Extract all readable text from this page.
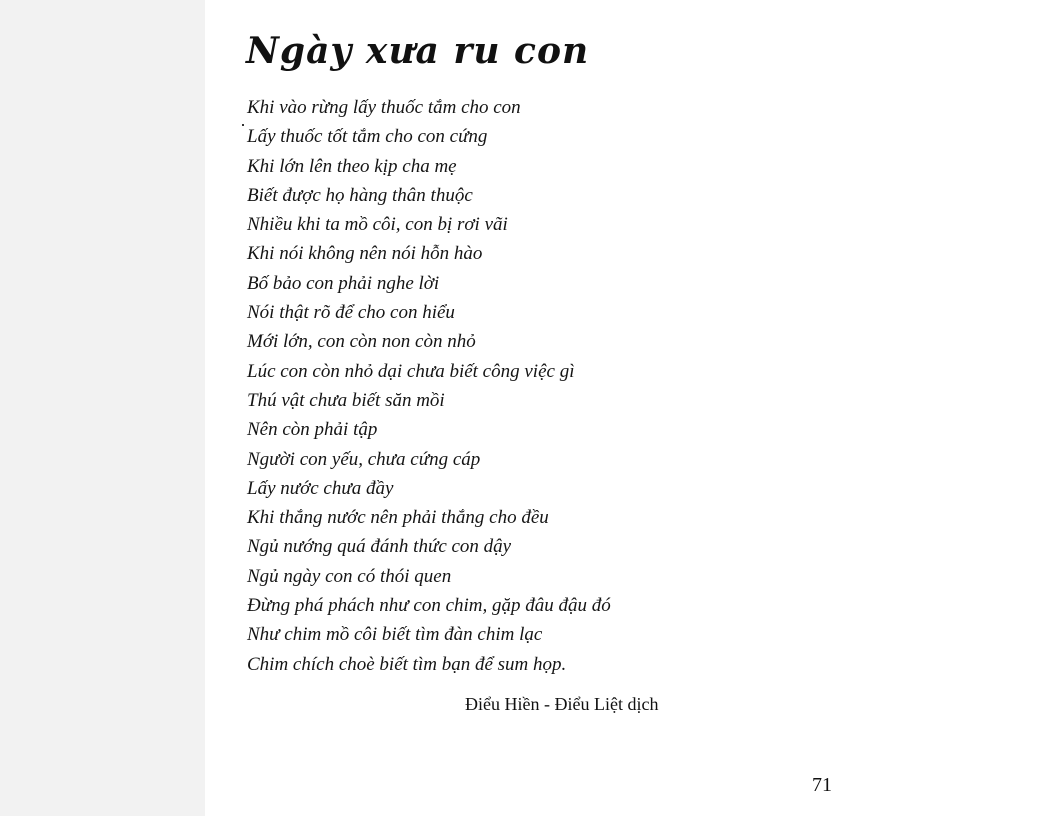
Ngày xưa ru con
Khi vào rừng lấy thuốc tắm cho con
Lấy thuốc tốt tắm cho con cứng
Khi lớn lên theo kịp cha mẹ
Biết được họ hàng thân thuộc
Nhiều khi ta mồ côi, con bị rơi vãi
Khi nói không nên nói hỗn hào
Bố bảo con phải nghe lời
Nói thật rõ để cho con hiểu
Mới lớn, con còn non còn nhỏ
Lúc con còn nhỏ dại chưa biết công việc gì
Thú vật chưa biết săn mồi
Nên còn phải tập
Người con yếu, chưa cứng cáp
Lấy nước chưa đầy
Khi thắng nước nên phải thắng cho đều
Ngủ nướng quá đánh thức con dậy
Ngủ ngày con có thói quen
Đừng phá phách như con chim, gặp đâu đậu đó
Như chim mồ côi biết tìm đàn chim lạc
Chim chích choè biết tìm bạn để sum họp.
Điểu Hiền - Điểu Liệt dịch
71
